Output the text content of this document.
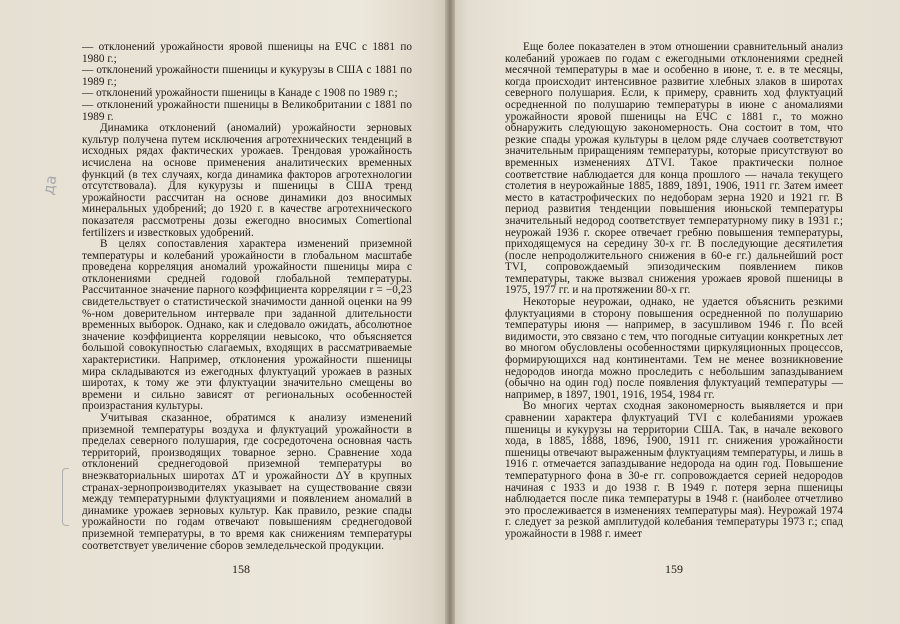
— отклонений урожайности яровой пшеницы на ЕЧС с 1881 по 1980 г.;

— отклонений урожайности пшеницы и кукурузы в США с 1881 по 1989 г.;

— отклонений урожайности пшеницы в Канаде с 1908 по 1989 г.;

— отклонений урожайности пшеницы в Великобритании с 1881 по 1989 г.

Динамика отклонений (аномалий) урожайности зерновых культур получена путем исключения агротехнических тенденций в исходных рядах фактических урожаев. Трендовая урожайность исчислена на основе применения аналитических временных функций (в тех случаях, когда динамика факторов агротехнологии отсутствовала). Для кукурузы и пшеницы в США тренд урожайности рассчитан на основе динамики доз вносимых минеральных удобрений; до 1920 г. в качестве агротехнического показателя рассмотрены дозы ежегодно вносимых Comertional fertilizers и известковых удобрений.

В целях сопоставления характера изменений приземной температуры и колебаний урожайности в глобальном масштабе проведена корреляция аномалий урожайности пшеницы мира с отклонениями средней годовой глобальной температуры. Рассчитанное значение парного коэффициента корреляции r = −0,23 свидетельствует о статистической значимости данной оценки на 99 %-ном доверительном интервале при заданной длительности временных выборок. Однако, как и следовало ожидать, абсолютное значение коэффициента корреляции невысоко, что объясняется большой совокупностью слагаемых, входящих в рассматриваемые характеристики. Например, отклонения урожайности пшеницы мира складываются из ежегодных флуктуаций урожаев в разных широтах, к тому же эти флуктуации значительно смещены во времени и сильно зависят от региональных особенностей произрастания культуры.

Учитывая сказанное, обратимся к анализу изменений приземной температуры воздуха и флуктуаций урожайности в пределах северного полушария, где сосредоточена основная часть территорий, производящих товарное зерно. Сравнение хода отклонений среднегодовой приземной температуры во внеэкваториальных широтах ΔT и урожайности ΔY в крупных странах-зернопроизводителях указывает на существование связи между температурными флуктуациями и появлением аномалий в динамике урожаев зерновых культур. Как правило, резкие спады урожайности по годам отвечают повышениям среднегодовой приземной температуры, в то время как снижениям температуры соответствует увеличение сборов земледельческой продукции.

да
158

Еще более показателен в этом отношении сравнительный анализ колебаний урожаев по годам с ежегодными отклонениями средней месячной температуры в мае и особенно в июне, т. е. в те месяцы, когда происходит интенсивное развитие хлебных злаков в широтах северного полушария. Если, к примеру, сравнить ход флуктуаций осредненной по полушарию температуры в июне с аномалиями урожайности яровой пшеницы на ЕЧС с 1881 г., то можно обнаружить следующую закономерность. Она состоит в том, что резкие спады урожая культуры в целом ряде случаев соответствуют значительным приращениям температуры, которые присутствуют во временных изменениях ΔTVI. Такое практически полное соответствие наблюдается для конца прошлого — начала текущего столетия в неурожайные 1885, 1889, 1891, 1906, 1911 гг. Затем имеет место в катастрофических по недоборам зерна 1920 и 1921 гг. В период развития тенденции повышения июньской температуры значительный недород соответствует температурному пику в 1931 г.; неурожай 1936 г. скорее отвечает гребню повышения температуры, приходящемуся на середину 30-х гг. В последующие десятилетия (после непродолжительного снижения в 60-е гг.) дальнейший рост TVI, сопровождаемый эпизодическим появлением пиков температуры, также вызвал снижения урожаев яровой пшеницы в 1975, 1977 гг. и на протяжении 80-х гг.

Некоторые неурожаи, однако, не удается объяснить резкими флуктуациями в сторону повышения осредненной по полушарию температуры июня — например, в засушливом 1946 г. По всей видимости, это связано с тем, что погодные ситуации конкретных лет во многом обусловлены особенностями циркуляционных процессов, формирующихся над континентами. Тем не менее возникновение недородов иногда можно проследить с небольшим запаздыванием (обычно на один год) после появления флуктуаций температуры — например, в 1897, 1901, 1916, 1954, 1984 гг.

Во многих чертах сходная закономерность выявляется и при сравнении характера флуктуаций TVI с колебаниями урожаев пшеницы и кукурузы на территории США. Так, в начале векового хода, в 1885, 1888, 1896, 1900, 1911 гг. снижения урожайности пшеницы отвечают выраженным флуктуациям температуры, и лишь в 1916 г. отмечается запаздывание недорода на один год. Повышение температурного фона в 30-е гг. сопровождается серией недородов начиная с 1933 и до 1938 г. В 1949 г. потеря зерна пшеницы наблюдается после пика температуры в 1948 г. (наиболее отчетливо это прослеживается в изменениях температуры мая). Неурожай 1974 г. следует за резкой амплитудой колебания температуры 1973 г.; спад урожайности в 1988 г. имеет

159
